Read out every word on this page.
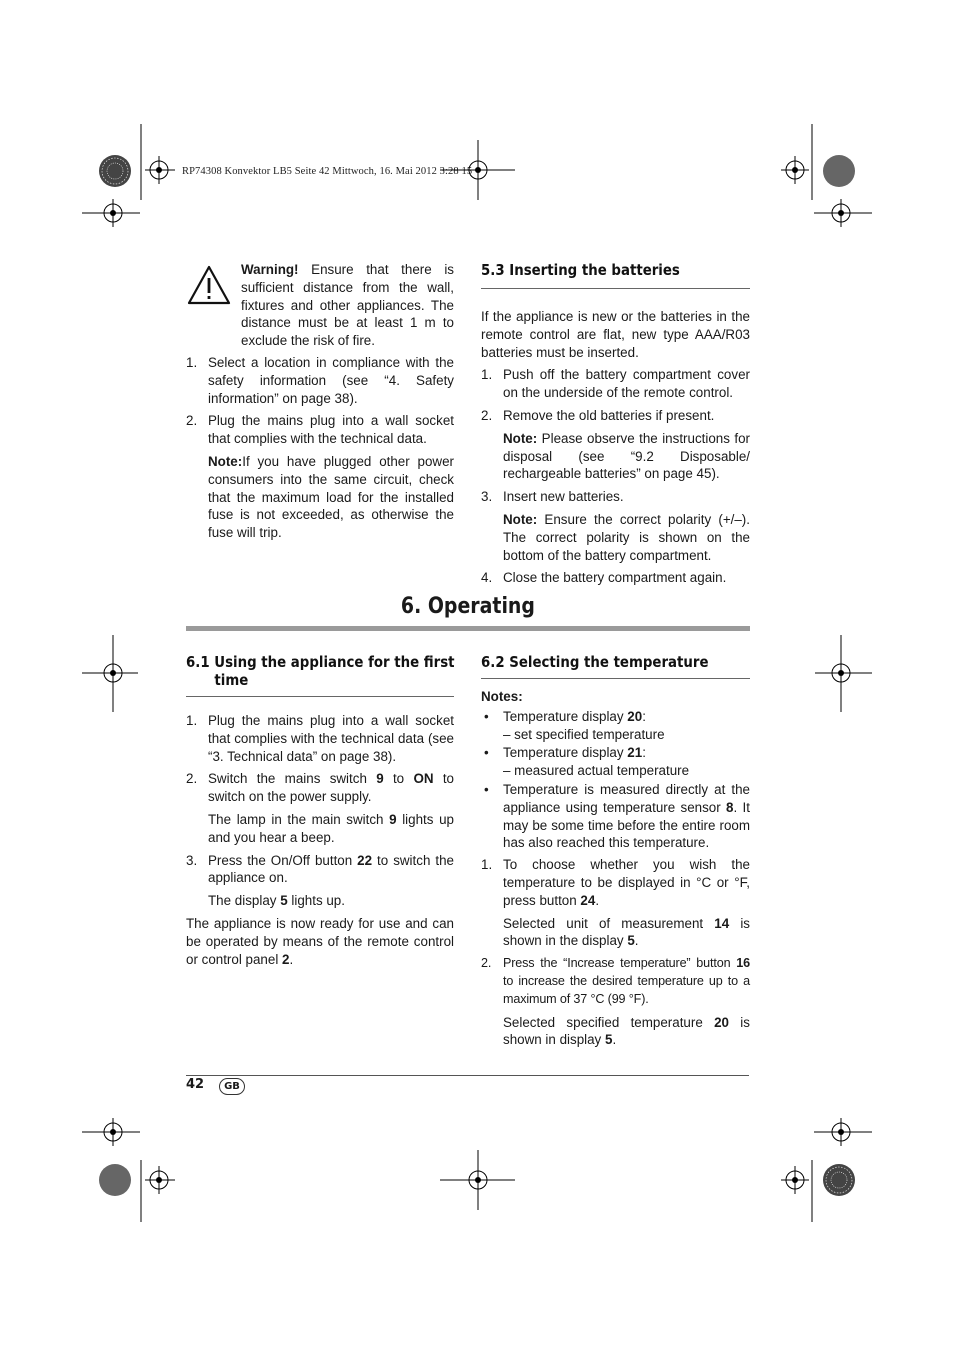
RP74308 Konvektor LB5 Seite 42 Mittwoch, 16. Mai 2012 3:28 15

Warning! Ensure that there is sufficient distance from the wall, fixtures and other appliances. The distance must be at least 1 m to exclude the risk of fire.

1. Select a location in compliance with the safety information (see “4. Safety information” on page 38).
2. Plug the mains plug into a wall socket that complies with the technical data.

Note:If you have plugged other power consumers into the same circuit, check that the maximum load for the installed fuse is not exceeded, as otherwise the fuse will trip.

5.3 Inserting the batteries

If the appliance is new or the batteries in the remote control are flat, new type AAA/R03 batteries must be inserted.

1. Push off the battery compartment cover on the underside of the remote control.
2. Remove the old batteries if present.

Note: Please observe the instructions for disposal (see “9.2 Disposable/ rechargeable batteries” on page 45).

3. Insert new batteries.

Note: Ensure the correct polarity (+/–). The correct polarity is shown on the bottom of the battery compartment.

4. Close the battery compartment again.
6. Operating
6.1 Using the appliance for the first
time
1. Plug the mains plug into a wall socket that complies with the technical data (see “3. Technical data” on page 38).
2. Switch the mains switch 9 to ON to switch on the power supply.

The lamp in the main switch 9 lights up and you hear a beep.

3. Press the On/Off button 22 to switch the appliance on.

The display 5 lights up.

The appliance is now ready for use and can be operated by means of the remote control or control panel 2.

6.2 Selecting the temperature

Notes:

• Temperature display 20:
– set specified temperature
• Temperature display 21:
– measured actual temperature
• Temperature is measured directly at the appliance using temperature sensor 8. It may be some time before the entire room has also reached this temperature.
1. To choose whether you wish the temperature to be displayed in °C or °F, press button 24.

Selected unit of measurement 14 is shown in the display 5.

2. Press the “Increase temperature” button 16 to increase the desired temperature up to a maximum of 37 °C (99 °F).

Selected specified temperature 20 is shown in display 5.

42	GB
